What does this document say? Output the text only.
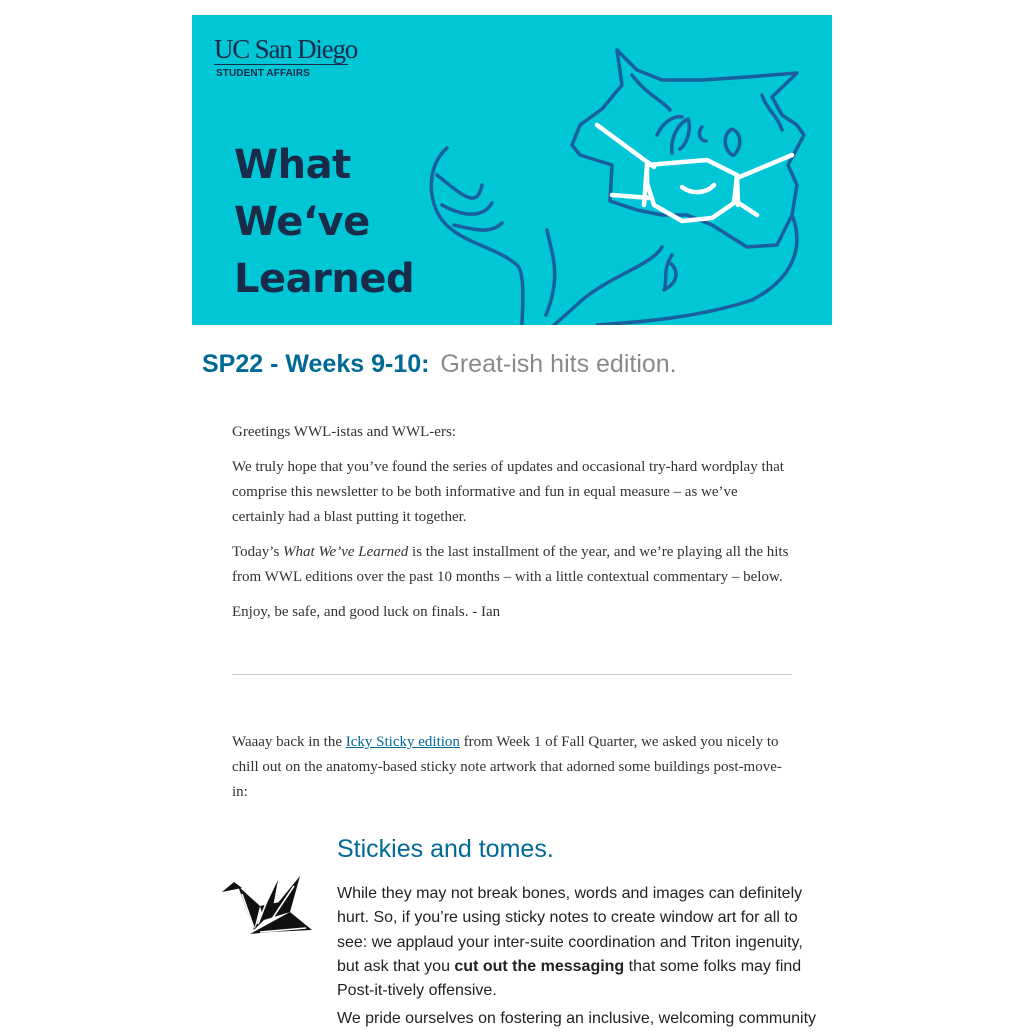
UC San Diego
STUDENT AFFAIRS
What
We‘ve
Learned
SP22 - Weeks 9-10: Great-ish hits edition.

Greetings WWL-istas and WWL-ers:

We truly hope that you’ve found the series of updates and occasional try-hard wordplay that comprise this newsletter to be both informative and fun in equal measure – as we’ve certainly had a blast putting it together.

Today’s What We’ve Learned is the last installment of the year, and we’re playing all the hits from WWL editions over the past 10 months – with a little contextual commentary – below.

Enjoy, be safe, and good luck on finals. - Ian

Waaay back in the Icky Sticky edition from Week 1 of Fall Quarter, we asked you nicely to chill out on the anatomy-based sticky note artwork that adorned some buildings post-move-in:

Stickies and tomes.

While they may not break bones, words and images can definitely hurt. So, if you’re using sticky notes to create window art for all to see: we applaud your inter-suite coordination and Triton ingenuity, but ask that you cut out the messaging that some folks may find Post-it-tively offensive.

We pride ourselves on fostering an inclusive, welcoming community
